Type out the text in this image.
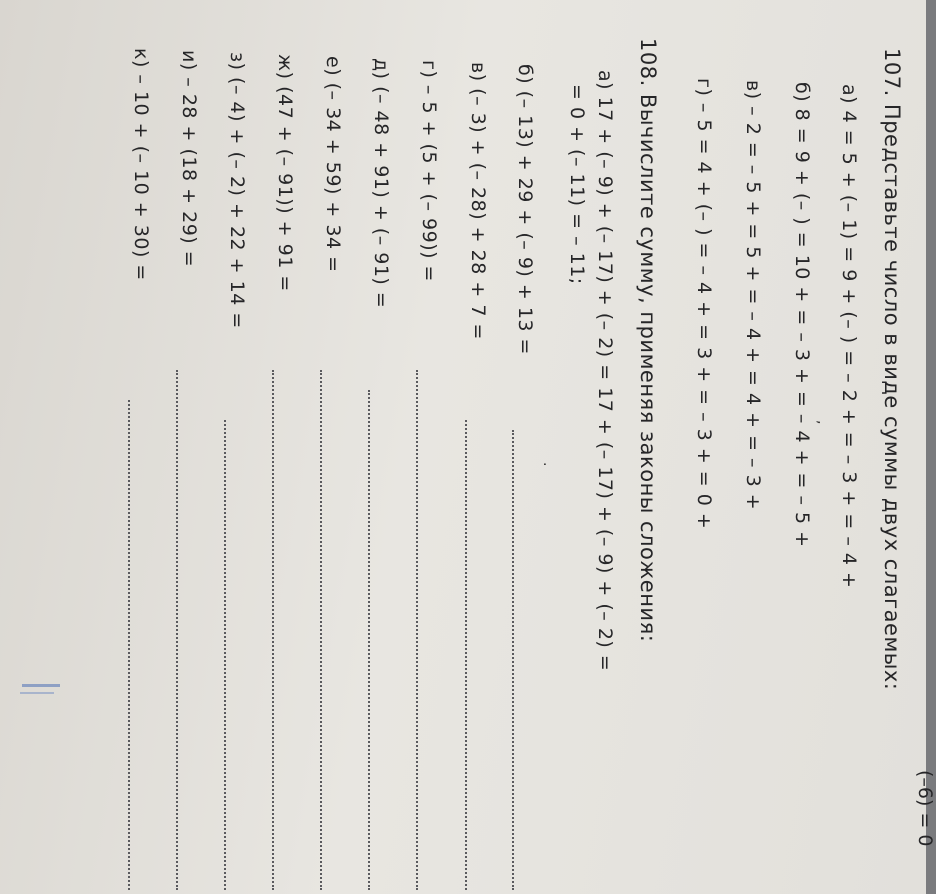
(–6) = 0
107. Представьте число в виде суммы двух слагаемых:
а) 4 = 5 + (– 1) = 9 + (– ) = – 2 + = – 3 + = – 4 +
б) 8 = 9 + (– ) = 10 + = – 3 + = – 4 + = – 5 +
в) – 2 = – 5 + = 5 + = – 4 + = 4 + = – 3 +
г) – 5 = 4 + (– ) = – 4 + = 3 + = – 3 + = 0 +
108. Вычислите сумму, применяя законы сложения:
а) 17 + (– 9) + (– 17) + (– 2) = 17 + (– 17) + (– 9) + (– 2) =
= 0 + (– 11) = – 11;
б) (– 13) + 29 + (– 9) + 13 =
в) (– 3) + (– 28) + 28 + 7 =
г) – 5 + (5 + (– 99)) =
д) (– 48 + 91) + (– 91) =
е) (– 34 + 59) + 34 =
ж) (47 + (– 91)) + 91 =
з) (– 4) + (– 2) + 22 + 14 =
и) – 28 + (18 + 29) =
к) – 10 + (– 10 + 30) =
,
.
